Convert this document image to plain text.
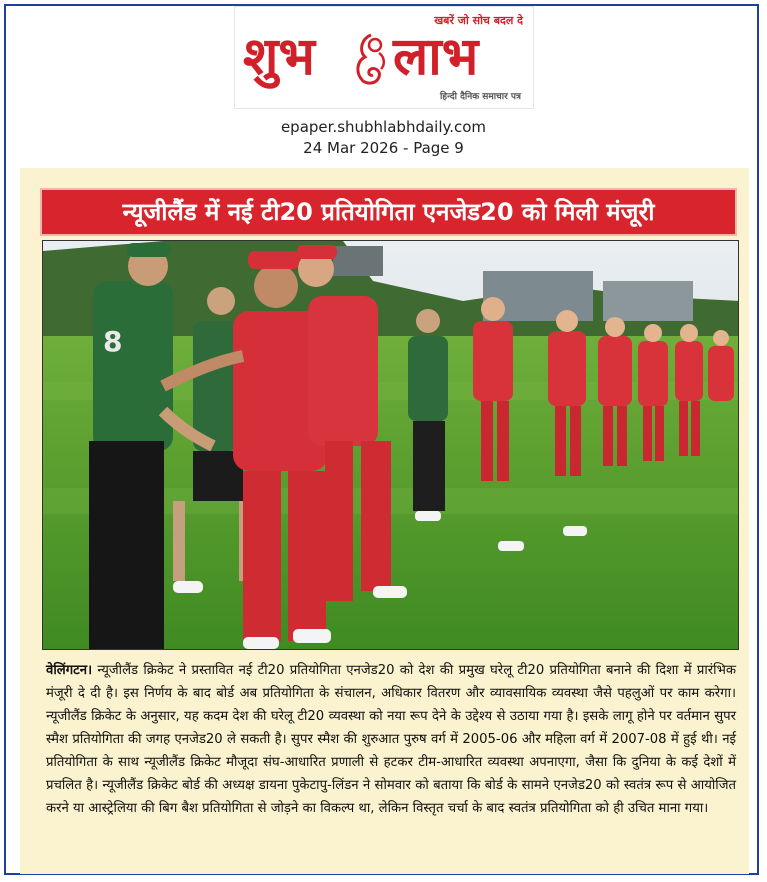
खबरें जो सोच बदल दे
शुभ लाभ
हिन्दी दैनिक समाचार पत्र
epaper.shubhlabhdaily.com
24 Mar 2026 - Page 9
न्यूजीलैंड में नई टी20 प्रतियोगिता एनजेड20 को मिली मंजूरी
8
वेलिंगटन। न्यूजीलैंड क्रिकेट ने प्रस्तावित नई टी20 प्रतियोगिता एनजेड20 को देश की प्रमुख घरेलू टी20 प्रतियोगिता बनाने की दिशा में प्रारंभिक मंजूरी दे दी है। इस निर्णय के बाद बोर्ड अब प्रतियोगिता के संचालन, अधिकार वितरण और व्यावसायिक व्यवस्था जैसे पहलुओं पर काम करेगा। न्यूजीलैंड क्रिकेट के अनुसार, यह कदम देश की घरेलू टी20 व्यवस्था को नया रूप देने के उद्देश्य से उठाया गया है। इसके लागू होने पर वर्तमान सुपर स्मैश प्रतियोगिता की जगह एनजेड20 ले सकती है। सुपर स्मैश की शुरुआत पुरुष वर्ग में 2005-06 और महिला वर्ग में 2007-08 में हुई थी। नई प्रतियोगिता के साथ न्यूजीलैंड क्रिकेट मौजूदा संघ-आधारित प्रणाली से हटकर टीम-आधारित व्यवस्था अपनाएगा, जैसा कि दुनिया के कई देशों में प्रचलित है। न्यूजीलैंड क्रिकेट बोर्ड की अध्यक्ष डायना पुकेटापु-लिंडन ने सोमवार को बताया कि बोर्ड के सामने एनजेड20 को स्वतंत्र रूप से आयोजित करने या आस्ट्रेलिया की बिग बैश प्रतियोगिता से जोड़ने का विकल्प था, लेकिन विस्तृत चर्चा के बाद स्वतंत्र प्रतियोगिता को ही उचित माना गया।
